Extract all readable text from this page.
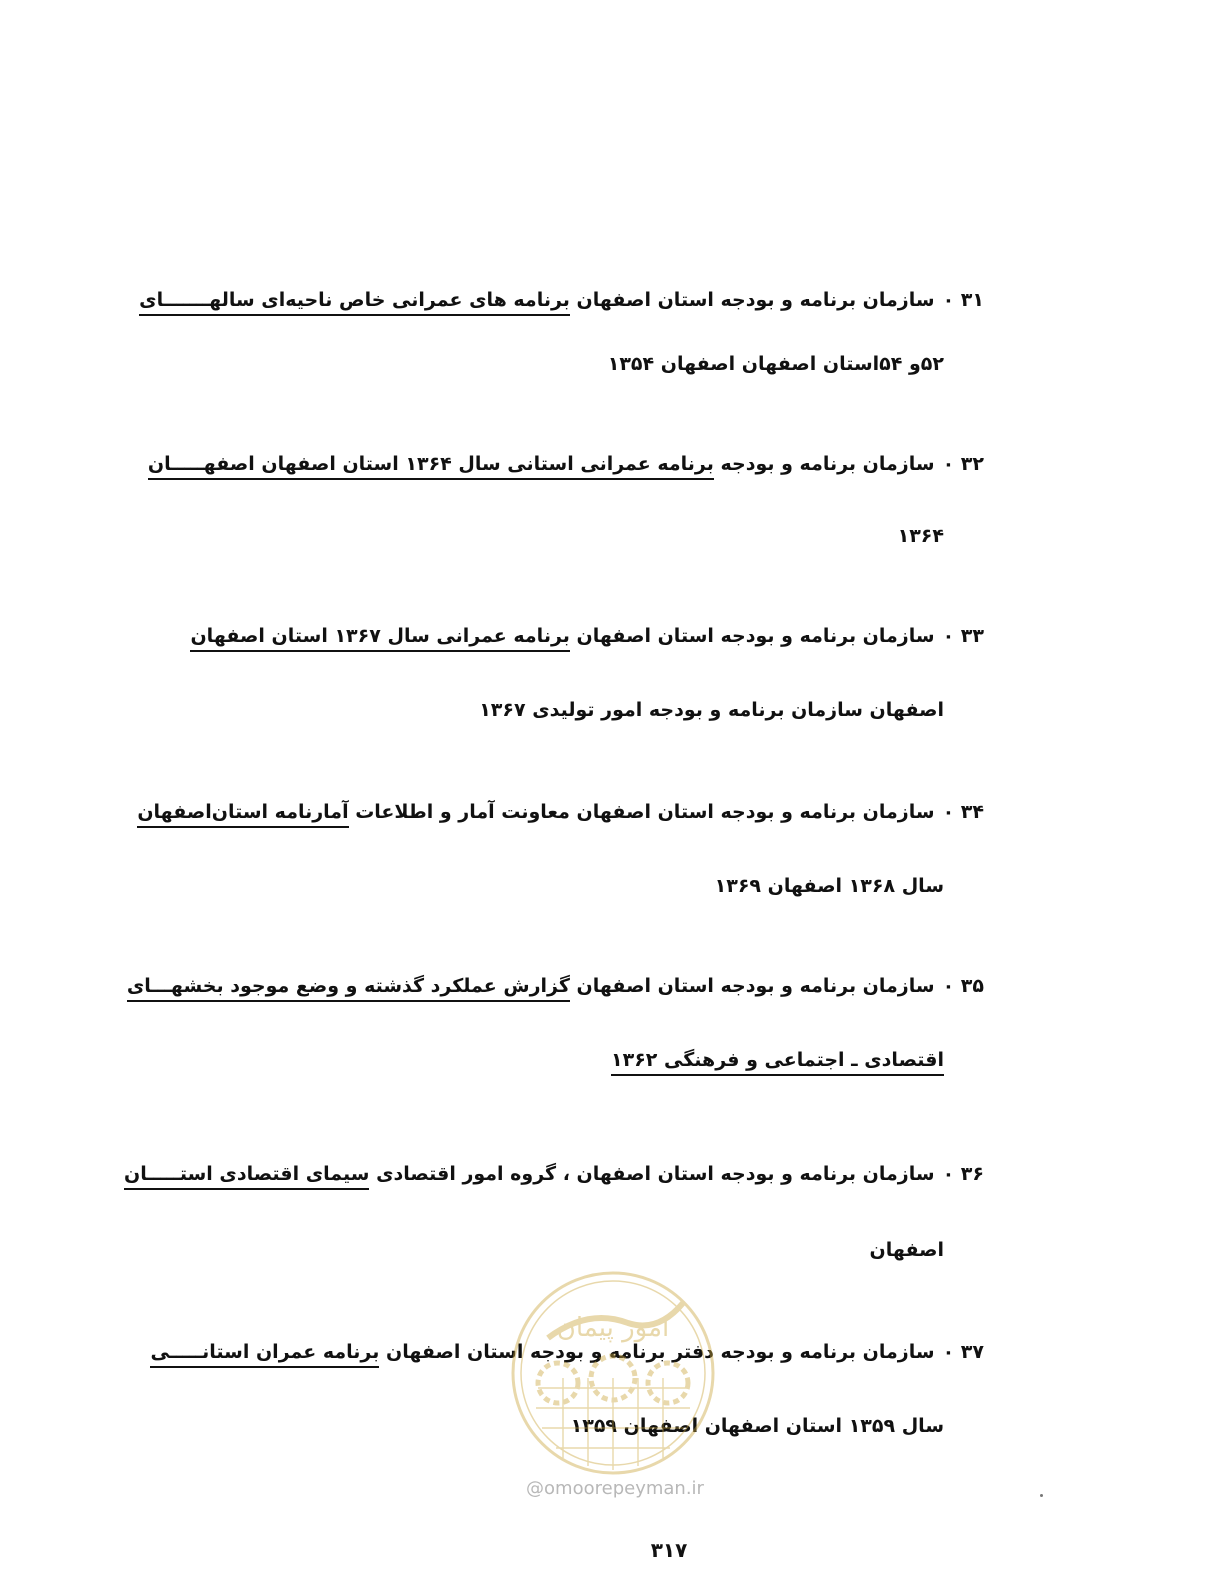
۳۱ ۰سازمان برنامه و بودجه استان اصفهان برنامه های عمرانی خاص ناحیه‌ای سالهـــــــای
۵۲و ۵۴استان اصفهان اصفهان ۱۳۵۴
۳۲ ۰سازمان برنامه و بودجه برنامه عمرانی استانی سال ۱۳۶۴ استان اصفهان اصفهـــــان
۱۳۶۴
۳۳ ۰سازمان برنامه و بودجه استان اصفهان برنامه عمرانی سال ۱۳۶۷ استان اصفهان
اصفهان سازمان برنامه و بودجه امور تولیدی ۱۳۶۷
۳۴ ۰سازمان برنامه و بودجه استان اصفهان معاونت آمار و اطلاعات آمارنامه استان‌اصفهان
سال ۱۳۶۸ اصفهان ۱۳۶۹
۳۵ ۰سازمان برنامه و بودجه استان اصفهان گزارش عملکرد گذشته و وضع موجود بخشهـــای
اقتصادی ـ اجتماعی و فرهنگی ۱۳۶۲
۳۶ ۰سازمان برنامه و بودجه استان اصفهان ، گروه امور اقتصادی سیمای اقتصادی استـــــان
اصفهان
۳۷ ۰سازمان برنامه و بودجه دفتر برنامه و بودجه استان اصفهان برنامه عمران استانـــــی
سال ۱۳۵۹ استان اصفهان اصفهان ۱۳۵۹
امور پیمان
@omoorepeyman.ir
۳۱۷
